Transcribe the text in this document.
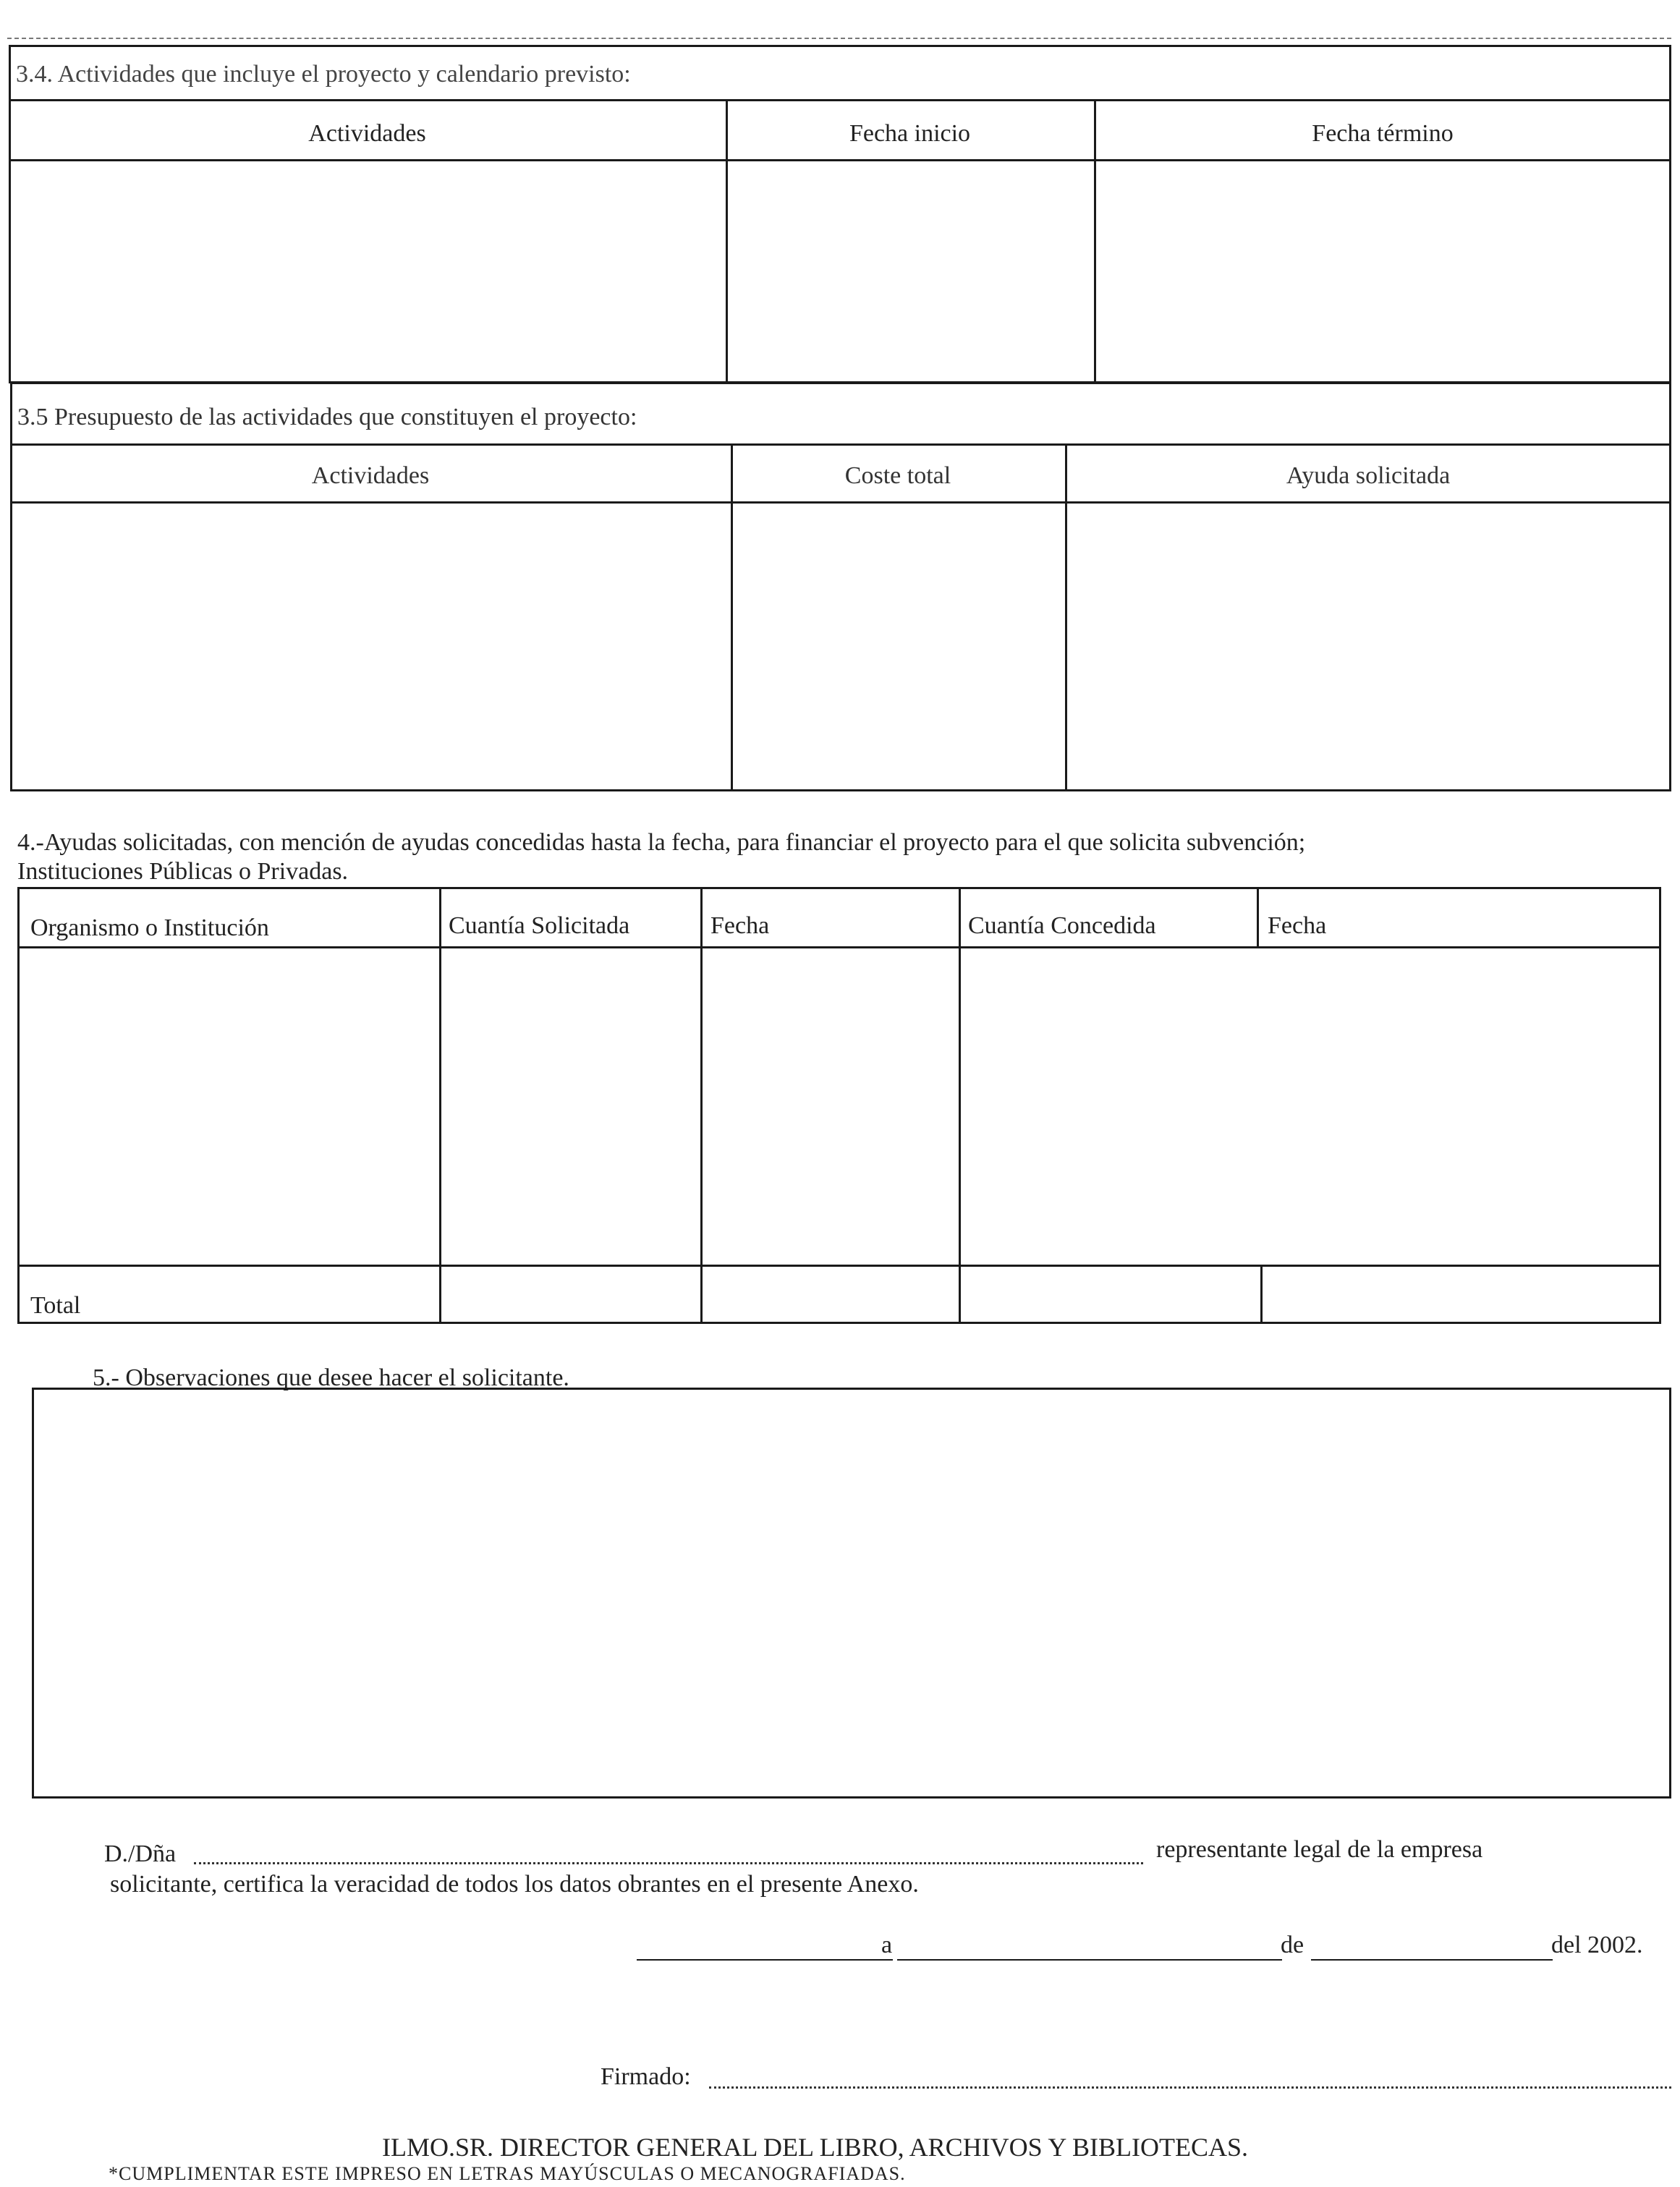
3.4. Actividades que incluye el proyecto y calendario previsto:
Actividades	Fecha inicio	Fecha término
3.5 Presupuesto de las actividades que constituyen el proyecto:
Actividades	Coste total	Ayuda solicitada
4.-Ayudas solicitadas, con mención de ayudas concedidas hasta la fecha, para financiar el proyecto para el que solicita subvención;
Instituciones Públicas o Privadas.
Organismo o Institución	Cuantía Solicitada	Fecha	Cuantía Concedida	Fecha
Total
5.- Observaciones que desee hacer el solicitante.
D./Dña	representante legal de la empresa
solicitante, certifica la veracidad de todos los datos obrantes en el presente Anexo.
a	de	del 2002.
Firmado:
ILMO.SR. DIRECTOR GENERAL DEL LIBRO, ARCHIVOS Y BIBLIOTECAS.
*CUMPLIMENTAR ESTE IMPRESO EN LETRAS MAYÚSCULAS O MECANOGRAFIADAS.
